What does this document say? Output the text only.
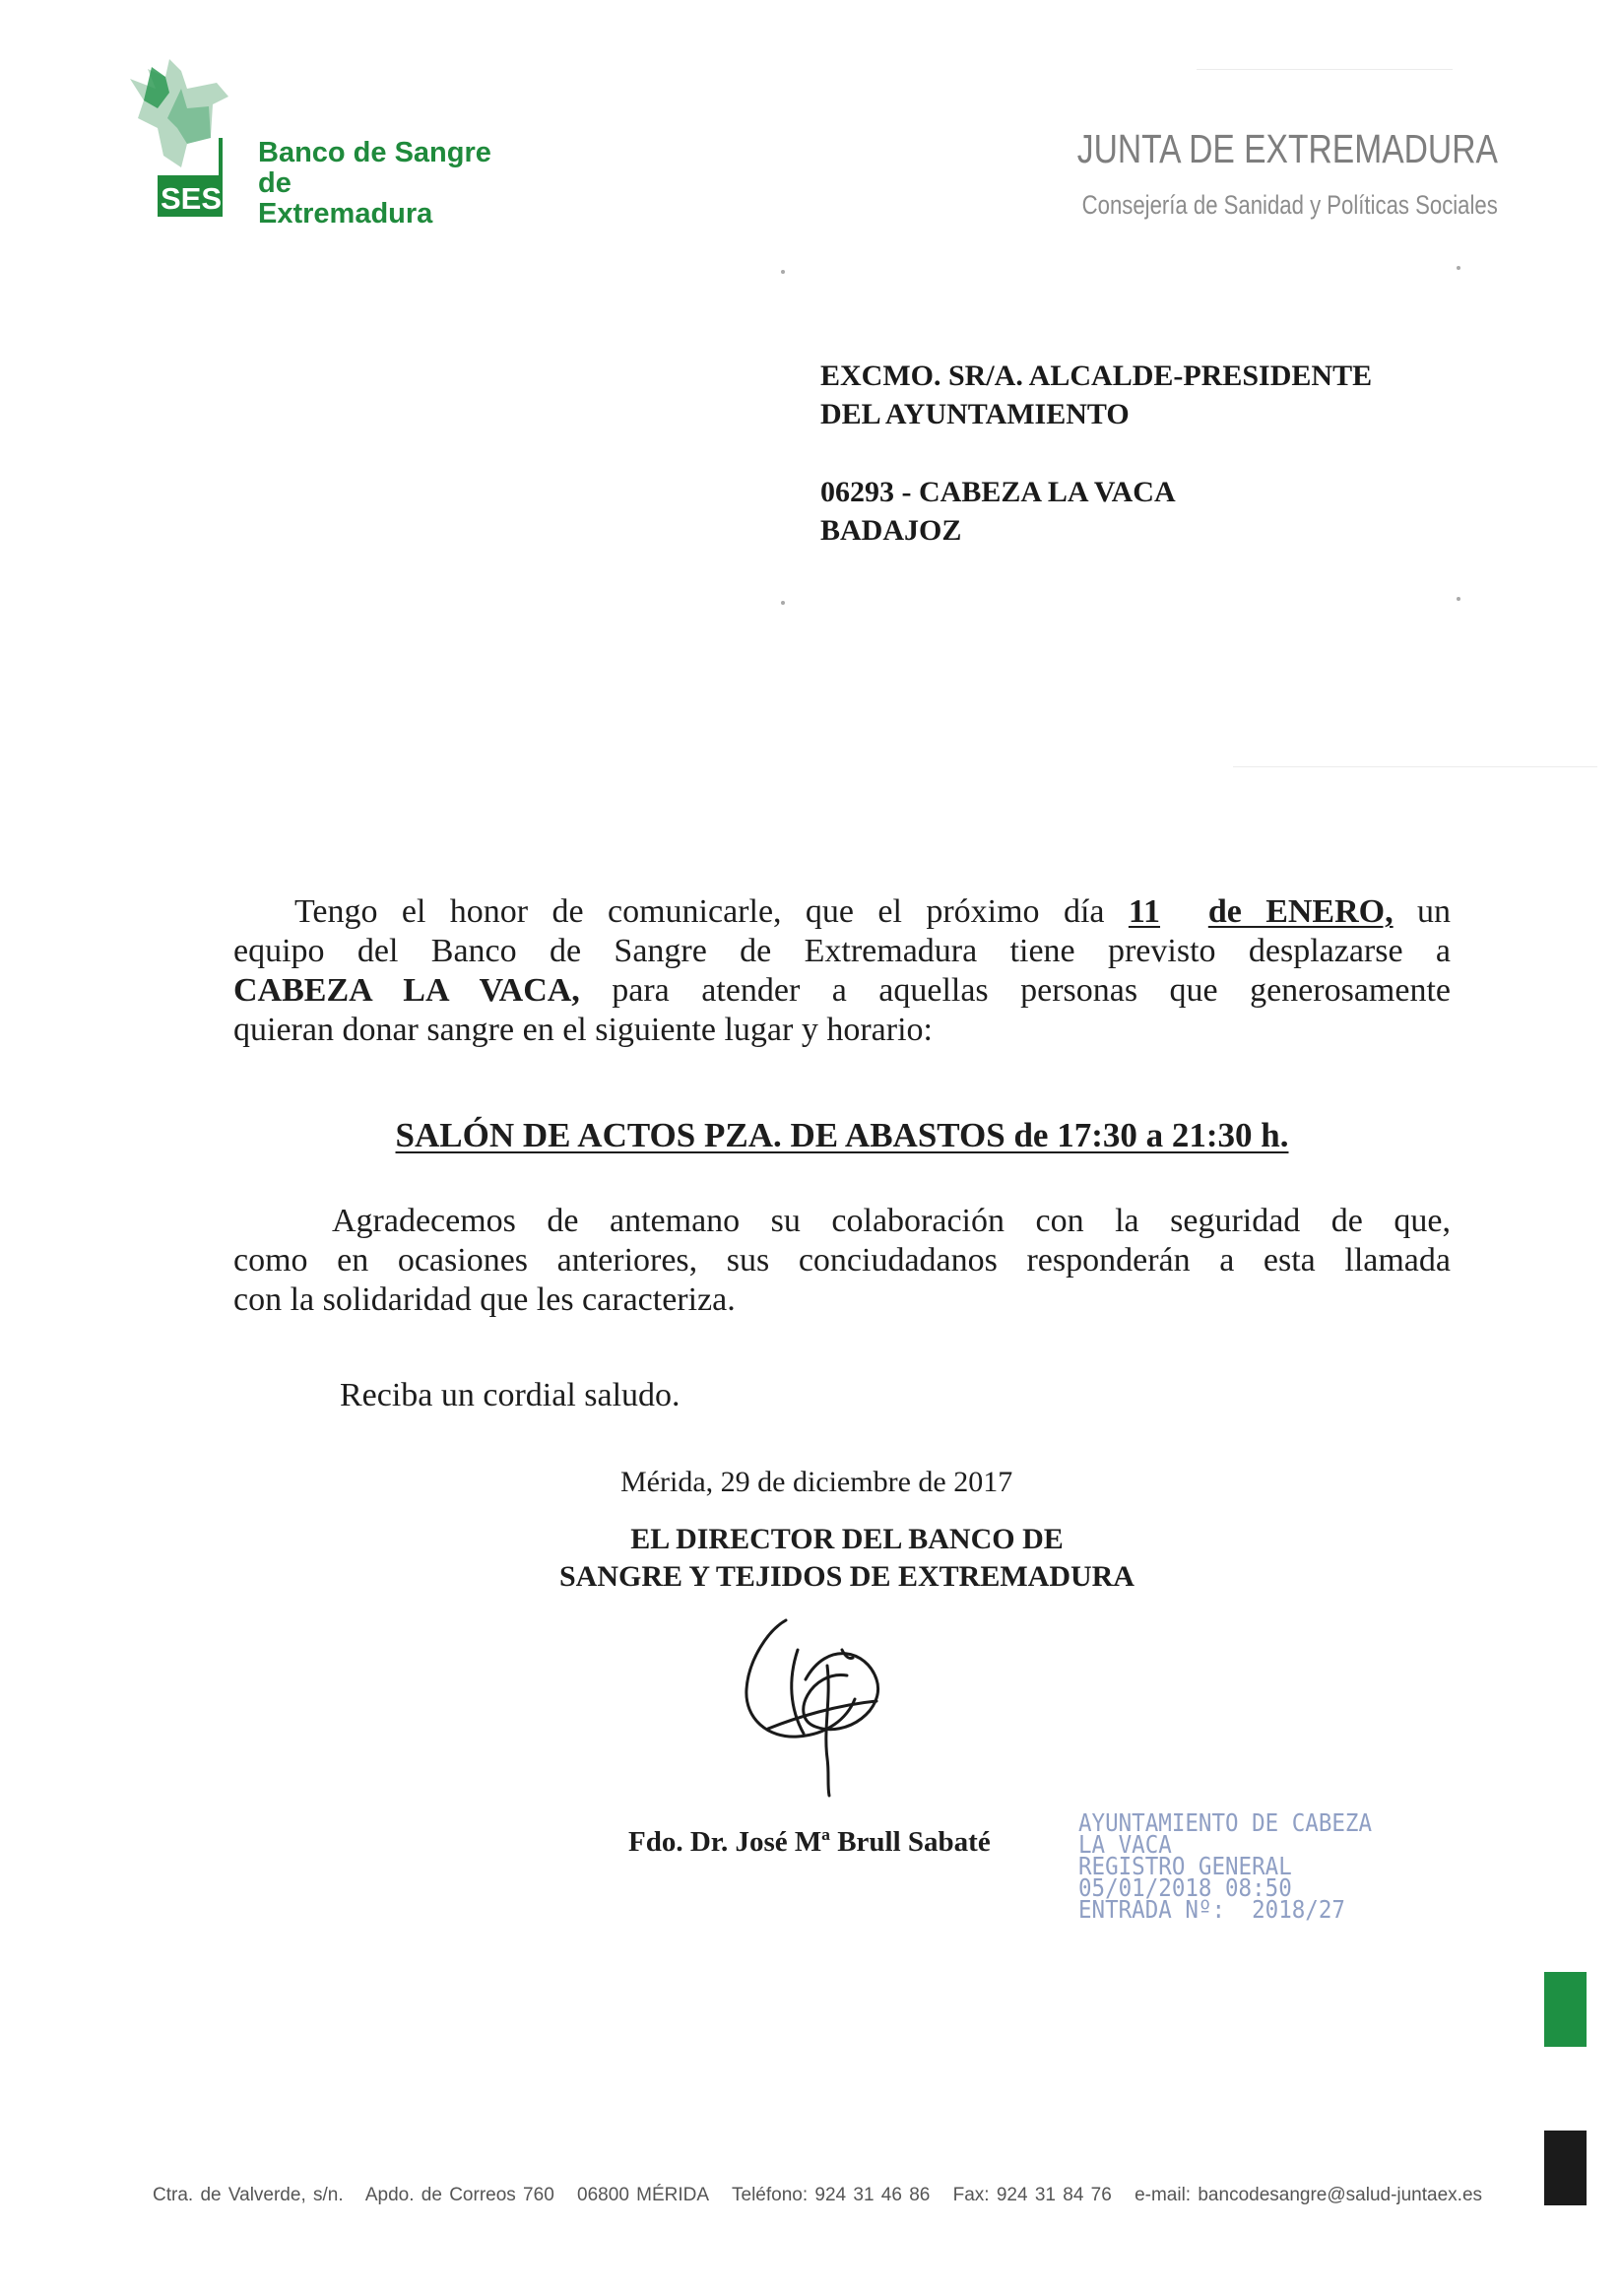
SES
Banco de Sangre
de
Extremadura
JUNTA DE EXTREMADURA
Consejería de Sanidad y Políticas Sociales
EXCMO. SR/A. ALCALDE-PRESIDENTE
DEL AYUNTAMIENTO
06293 - CABEZA LA VACA
BADAJOZ
Tengo el honor de comunicarle, que el próximo día 11 de ENERO, un
equipo del Banco de Sangre de Extremadura tiene previsto desplazarse a
CABEZA LA VACA, para atender a aquellas personas que generosamente
quieran donar sangre en el siguiente lugar y horario:
SALÓN DE ACTOS PZA. DE ABASTOS de 17:30 a 21:30 h.
Agradecemos de antemano su colaboración con la seguridad de que,
como en ocasiones anteriores, sus conciudadanos responderán a esta llamada
con la solidaridad que les caracteriza.
Reciba un cordial saludo.
Mérida, 29 de diciembre de 2017
EL DIRECTOR DEL BANCO DE
SANGRE Y TEJIDOS DE EXTREMADURA
Fdo. Dr. José Mª Brull Sabaté
AYUNTAMIENTO DE CABEZA
LA VACA
REGISTRO GENERAL
05/01/2018 08:50
ENTRADA Nº:  2018/27
Ctra. de Valverde, s/n. Apdo. de Correos 760 06800 MÉRIDA Teléfono: 924 31 46 86 Fax: 924 31 84 76 e-mail: bancodesangre@salud-juntaex.es
